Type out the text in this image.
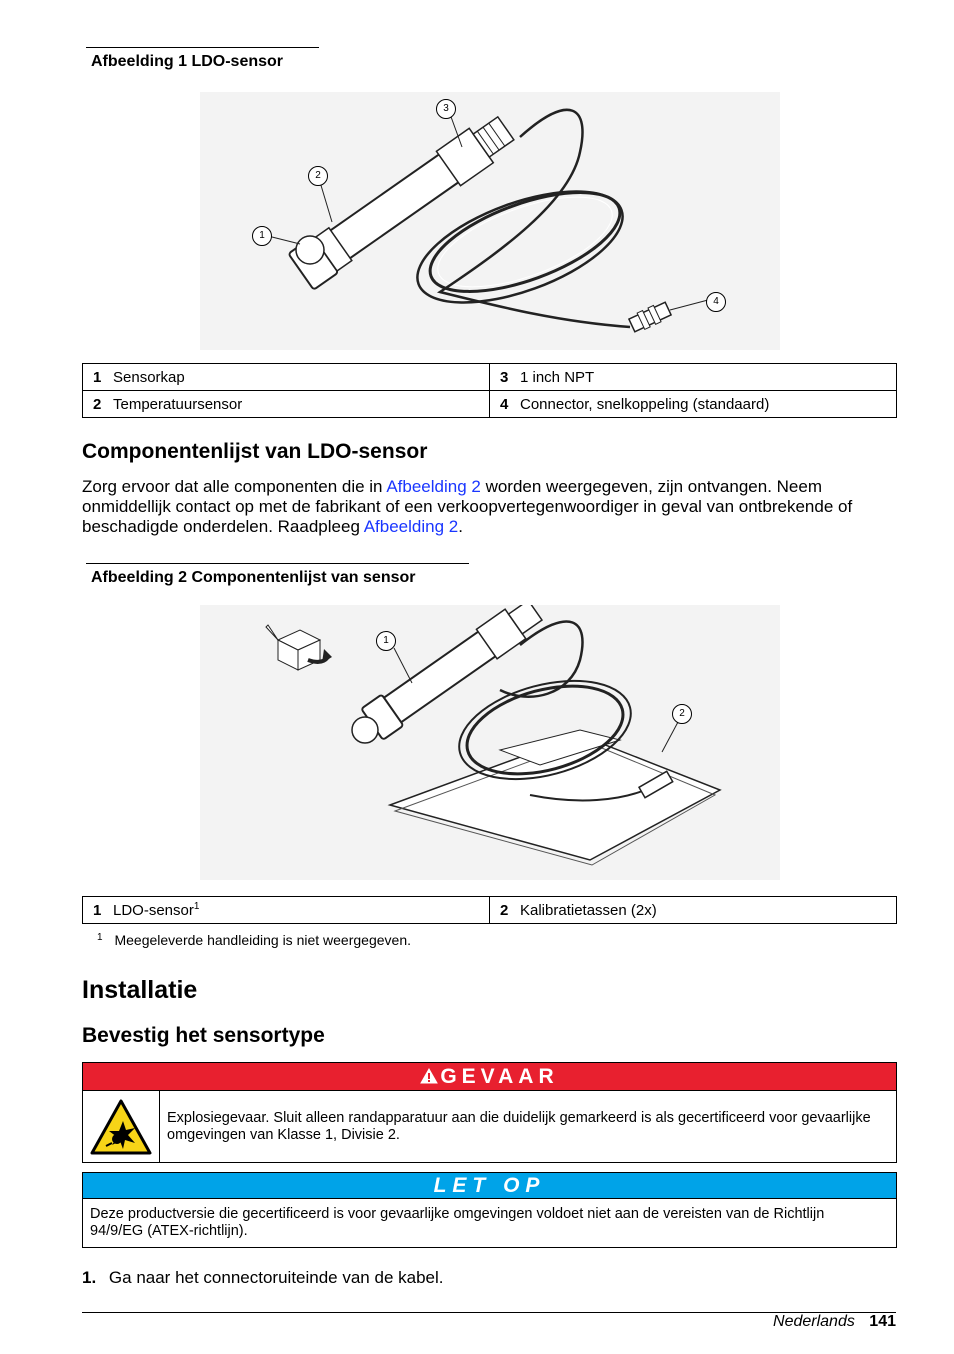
Afbeelding 1 LDO-sensor
1
2
3
4
1 Sensorkap	3 1 inch NPT
2 Temperatuursensor	4 Connector, snelkoppeling (standaard)
Componentenlijst van LDO-sensor
Zorg ervoor dat alle componenten die in Afbeelding 2 worden weergegeven, zijn ontvangen. Neem onmiddellijk contact op met de fabrikant of een verkoopvertegenwoordiger in geval van ontbrekende of beschadigde onderdelen. Raadpleeg Afbeelding 2.
Afbeelding 2 Componentenlijst van sensor
1
2
1 LDO-sensor$^1$	2 Kalibratietassen (2x)
$^1$ Meegeleverde handleiding is niet weergegeven.
Installatie
Bevestig het sensortype
GEVAAR
Explosiegevaar. Sluit alleen randapparatuur aan die duidelijk gemarkeerd is als gecertificeerd voor gevaarlijke omgevingen van Klasse 1, Divisie 2.
LET OP
Deze productversie die gecertificeerd is voor gevaarlijke omgevingen voldoet niet aan de vereisten van de Richtlijn 94/9/EG (ATEX-richtlijn).
1. Ga naar het connectoruiteinde van de kabel.
Nederlands 141
